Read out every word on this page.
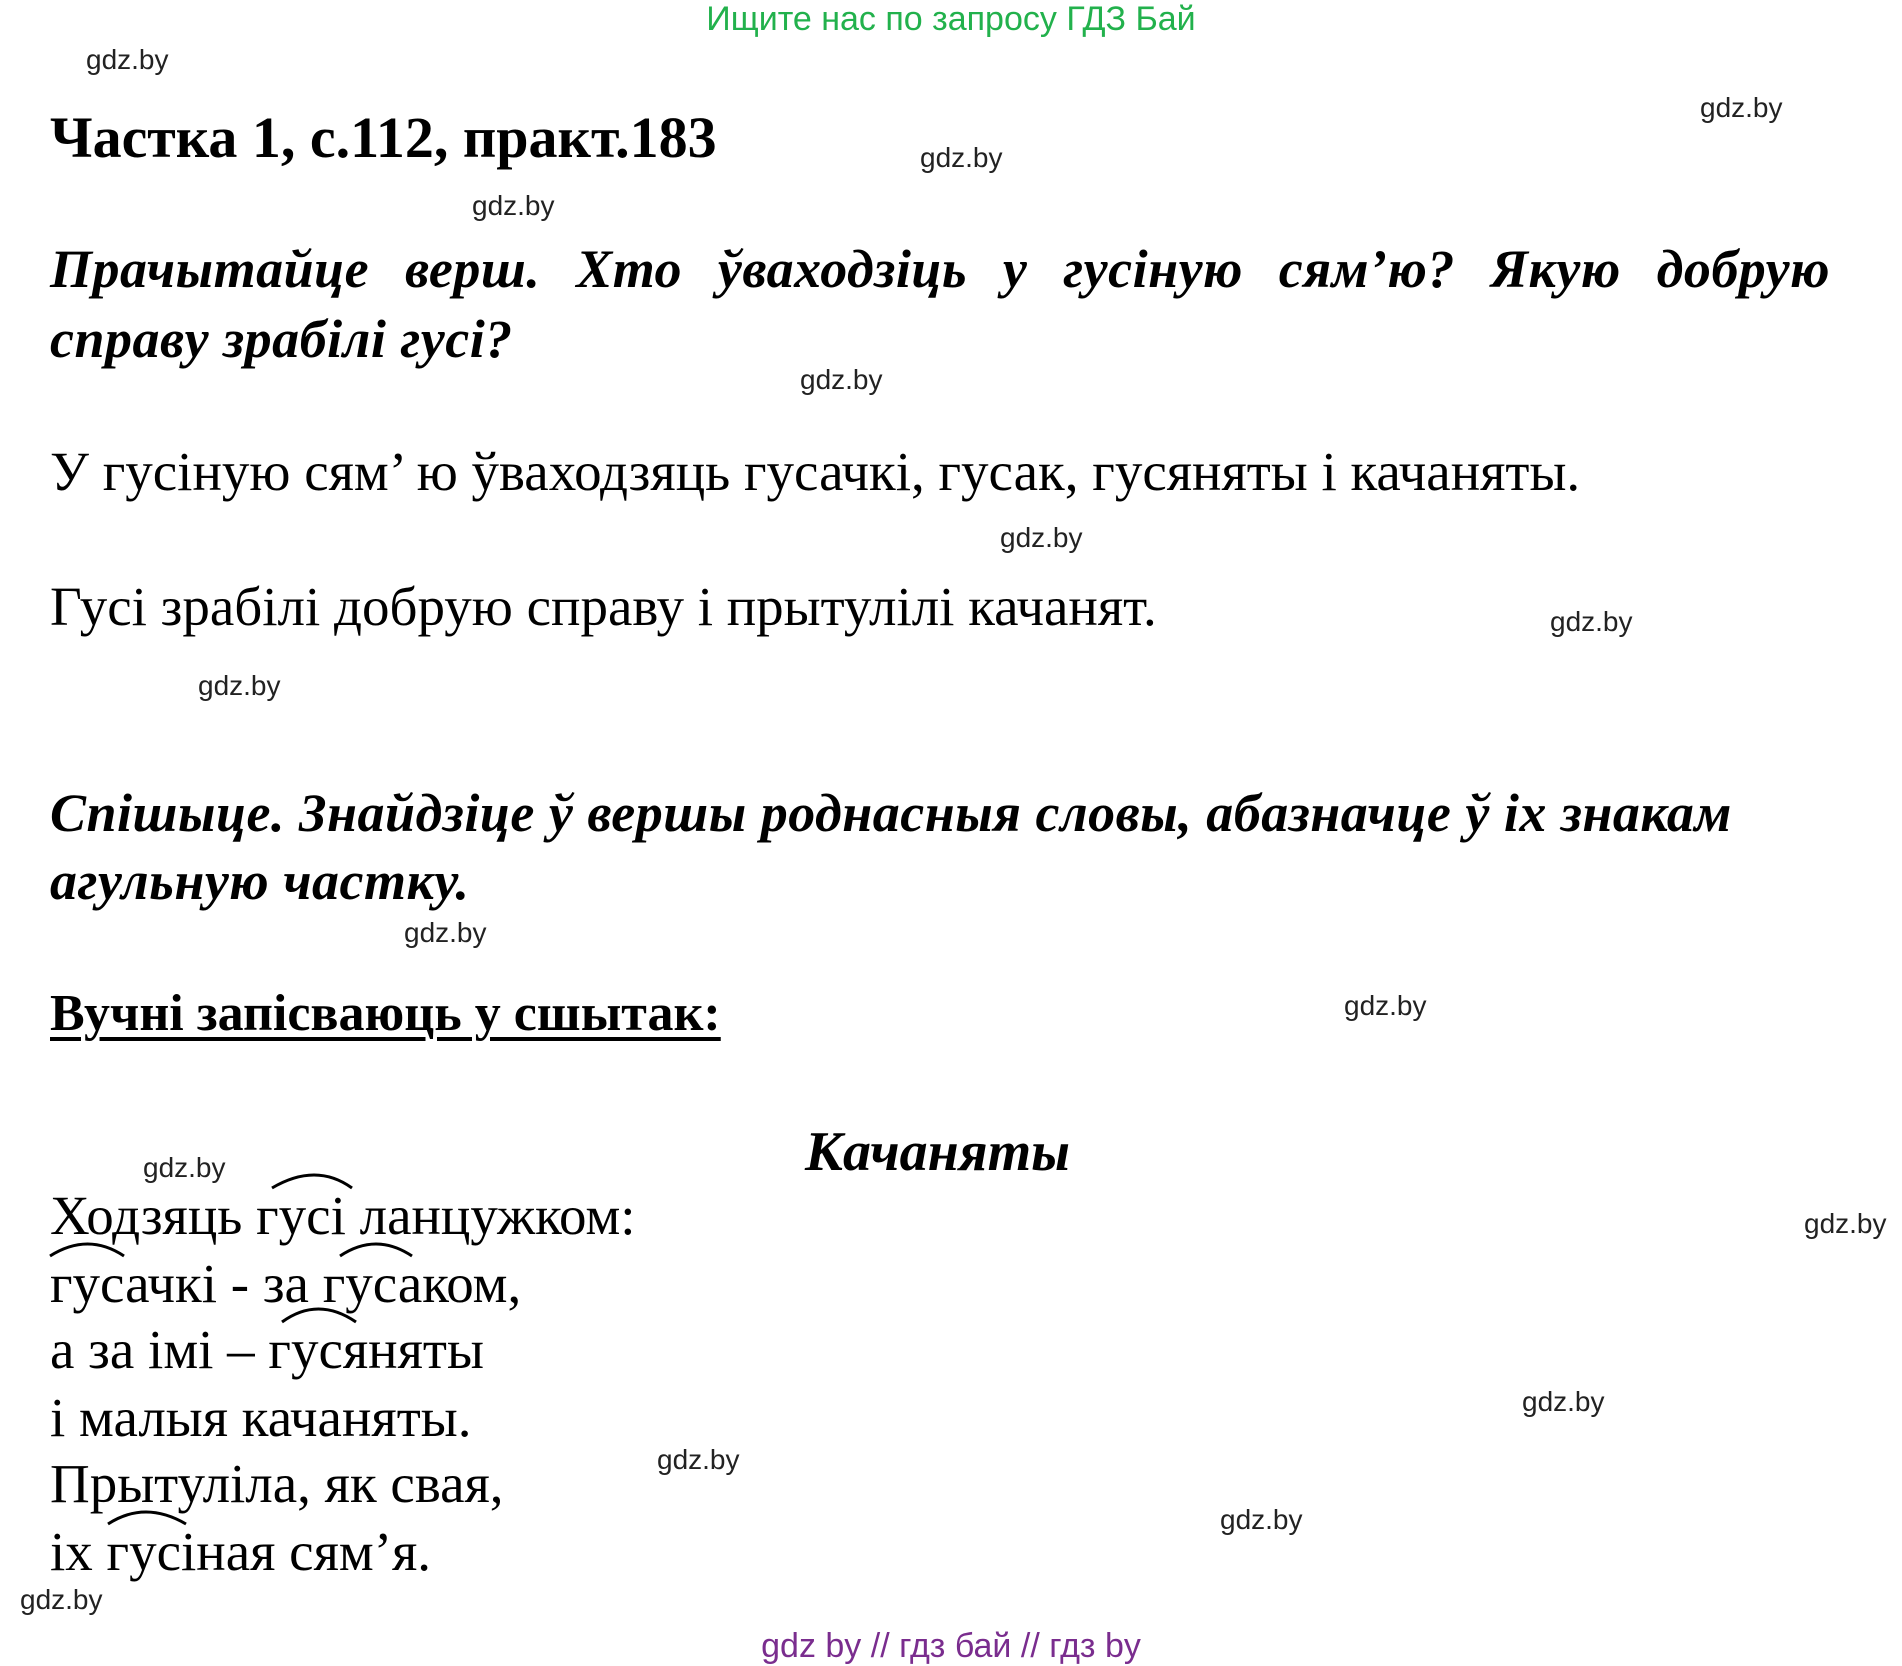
Ищите нас по запросу ГДЗ Бай
gdz.by
gdz.by
gdz.by
gdz.by
gdz.by
gdz.by
gdz.by
gdz.by
gdz.by
gdz.by
gdz.by
gdz.by
gdz.by
gdz.by
gdz.by
gdz.by
Частка 1, с.112, практ.183
Прачытайце верш. Хто ўваходзіць у гусіную сям’ю? Якую добрую
справу зрабілі гусі?
У гусіную сям’ ю ўваходзяць гусачкі, гусак, гусяняты і качаняты.
Гусі зрабілі добрую справу і прытулілі качанят.
Спішыце. Знайдзіце ў вершы роднасныя словы, абазначце ў іх знакам
агульную частку.
Вучні запісваюць у сшытак:
Качаняты
Ходзяць гусі ланцужком:
гусачкі - за гусаком,
а за імі – гусяняты
і малыя качаняты.
Прытуліла, як свая,
іх гусіная сям’я.
gdz by // гдз бай // гдз by
